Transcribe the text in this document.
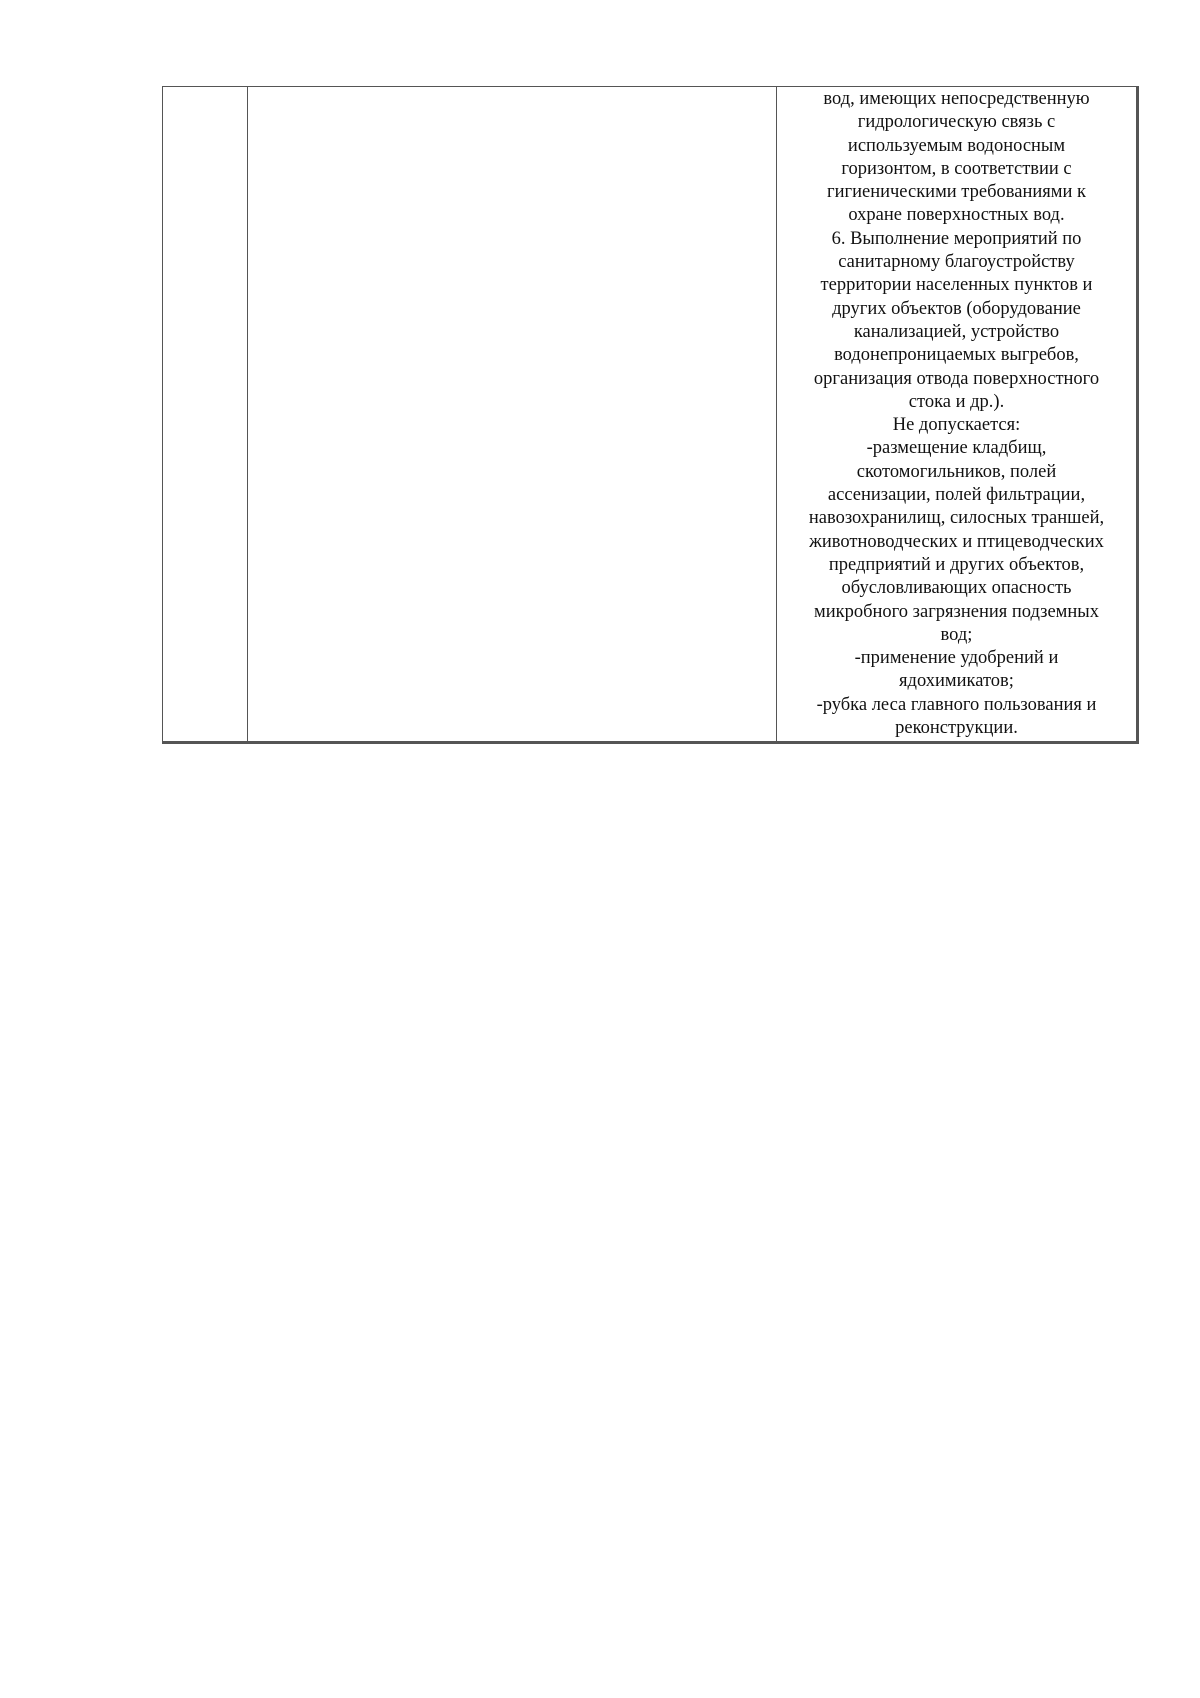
вод, имеющих непосредственную
гидрологическую связь с
используемым водоносным
горизонтом, в соответствии с
гигиеническими требованиями к
охране поверхностных вод.
6. Выполнение мероприятий по
санитарному благоустройству
территории населенных пунктов и
других объектов (оборудование
канализацией, устройство
водонепроницаемых выгребов,
организация отвода поверхностного
стока и др.).
Не допускается:
-размещение кладбищ,
скотомогильников, полей
ассенизации, полей фильтрации,
навозохранилищ, силосных траншей,
животноводческих и птицеводческих
предприятий и других объектов,
обусловливающих опасность
микробного загрязнения подземных
вод;
-применение удобрений и
ядохимикатов;
-рубка леса главного пользования и
реконструкции.
